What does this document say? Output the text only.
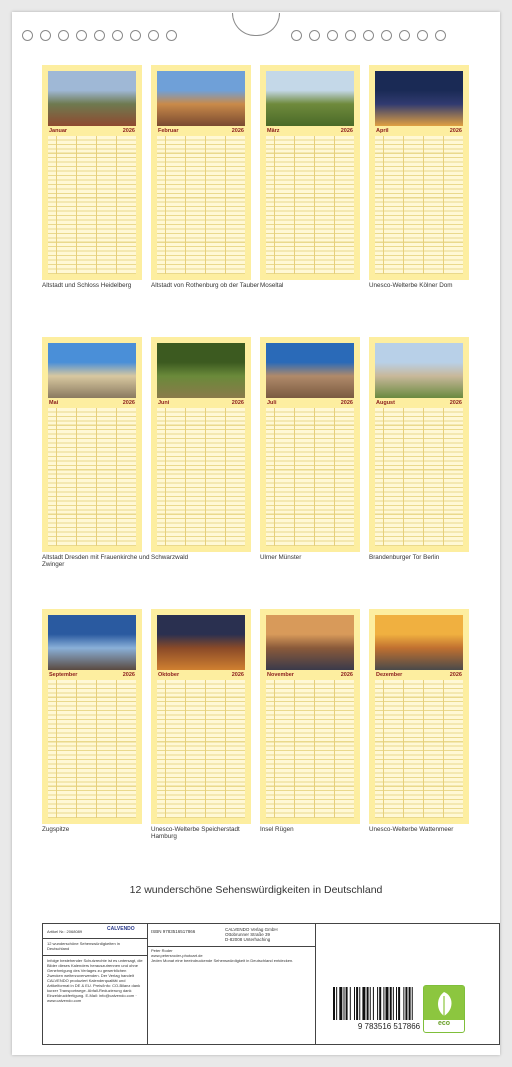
Januar	2026
Altstadt und Schloss Heidelberg
Februar	2026
Altstadt von Rothenburg ob der Tauber
März	2026
Moseltal
April	2026
Unesco-Welterbe Kölner Dom
Mai	2026
Altstadt Dresden mit Frauenkirche und Zwinger
Juni	2026
Schwarzwald
Juli	2026
Ulmer Münster
August	2026
Brandenburger Tor Berlin
September	2026
Zugspitze
Oktober	2026
Unesco-Welterbe Speicherstadt Hamburg
November	2026
Insel Rügen
Dezember	2026
Unesco-Welterbe Wattenmeer
12 wunderschöne Sehenswürdigkeiten in Deutschland
Artikel Nr.: 2068089	CALVENDO
12 wunderschöne Sehenswürdigkeiten in Deutschland
Infolge bestehender Schutzrechte ist es untersagt, die Bilder dieses Kalenders herauszutrennen und ohne Genehmigung des Verlages zu gewerblichen Zwecken weiterzuverwenden. Der Verlag handelt CALVENDO produziert Kalenderqualität und Artikelformat in DE & EU. Preis/Info: CO-Bilanz dank kurzer Transportwege. Abfall-Reduzierung dank Einzeldruckfertigung. E-Mail: info@calvendo.com · www.calvendo.com
ISBN 9783516517866	CALVENDO Verlag GmbH
Ottobrunner Straße 39
D-82008 Unterhaching
Peter Roder
www.petersroder-photoart.de
Jeden Monat eine beeindruckende Sehenswürdigkeit in Deutschland entdecken.
9 783516 517866	eco
